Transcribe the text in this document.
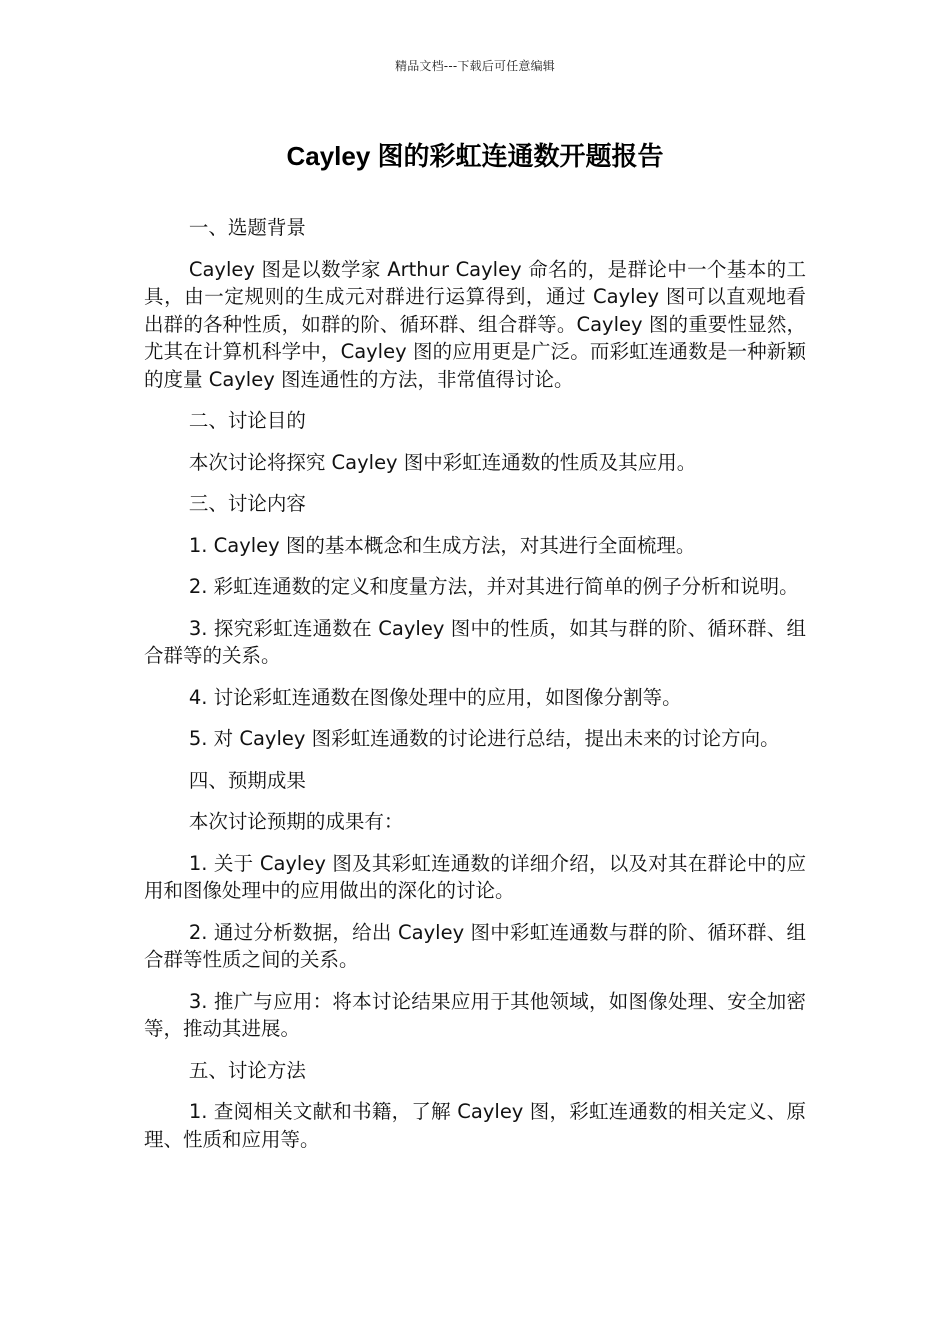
精品文档---下载后可任意编辑
Cayley 图的彩虹连通数开题报告

一、选题背景

Cayley 图是以数学家 Arthur Cayley 命名的，是群论中一个基本的工具，由一定规则的生成元对群进行运算得到，通过 Cayley 图可以直观地看出群的各种性质，如群的阶、循环群、组合群等。Cayley 图的重要性显然，尤其在计算机科学中，Cayley 图的应用更是广泛。而彩虹连通数是一种新颖的度量 Cayley 图连通性的方法，非常值得讨论。

二、讨论目的

本次讨论将探究 Cayley 图中彩虹连通数的性质及其应用。

三、讨论内容

1. Cayley 图的基本概念和生成方法，对其进行全面梳理。

2. 彩虹连通数的定义和度量方法，并对其进行简单的例子分析和说明。

3. 探究彩虹连通数在 Cayley 图中的性质，如其与群的阶、循环群、组合群等的关系。

4. 讨论彩虹连通数在图像处理中的应用，如图像分割等。

5. 对 Cayley 图彩虹连通数的讨论进行总结，提出未来的讨论方向。

四、预期成果

本次讨论预期的成果有：

1. 关于 Cayley 图及其彩虹连通数的详细介绍，以及对其在群论中的应用和图像处理中的应用做出的深化的讨论。

2. 通过分析数据，给出 Cayley 图中彩虹连通数与群的阶、循环群、组合群等性质之间的关系。

3. 推广与应用：将本讨论结果应用于其他领域，如图像处理、安全加密等，推动其进展。

五、讨论方法

1. 查阅相关文献和书籍，了解 Cayley 图，彩虹连通数的相关定义、原理、性质和应用等。
